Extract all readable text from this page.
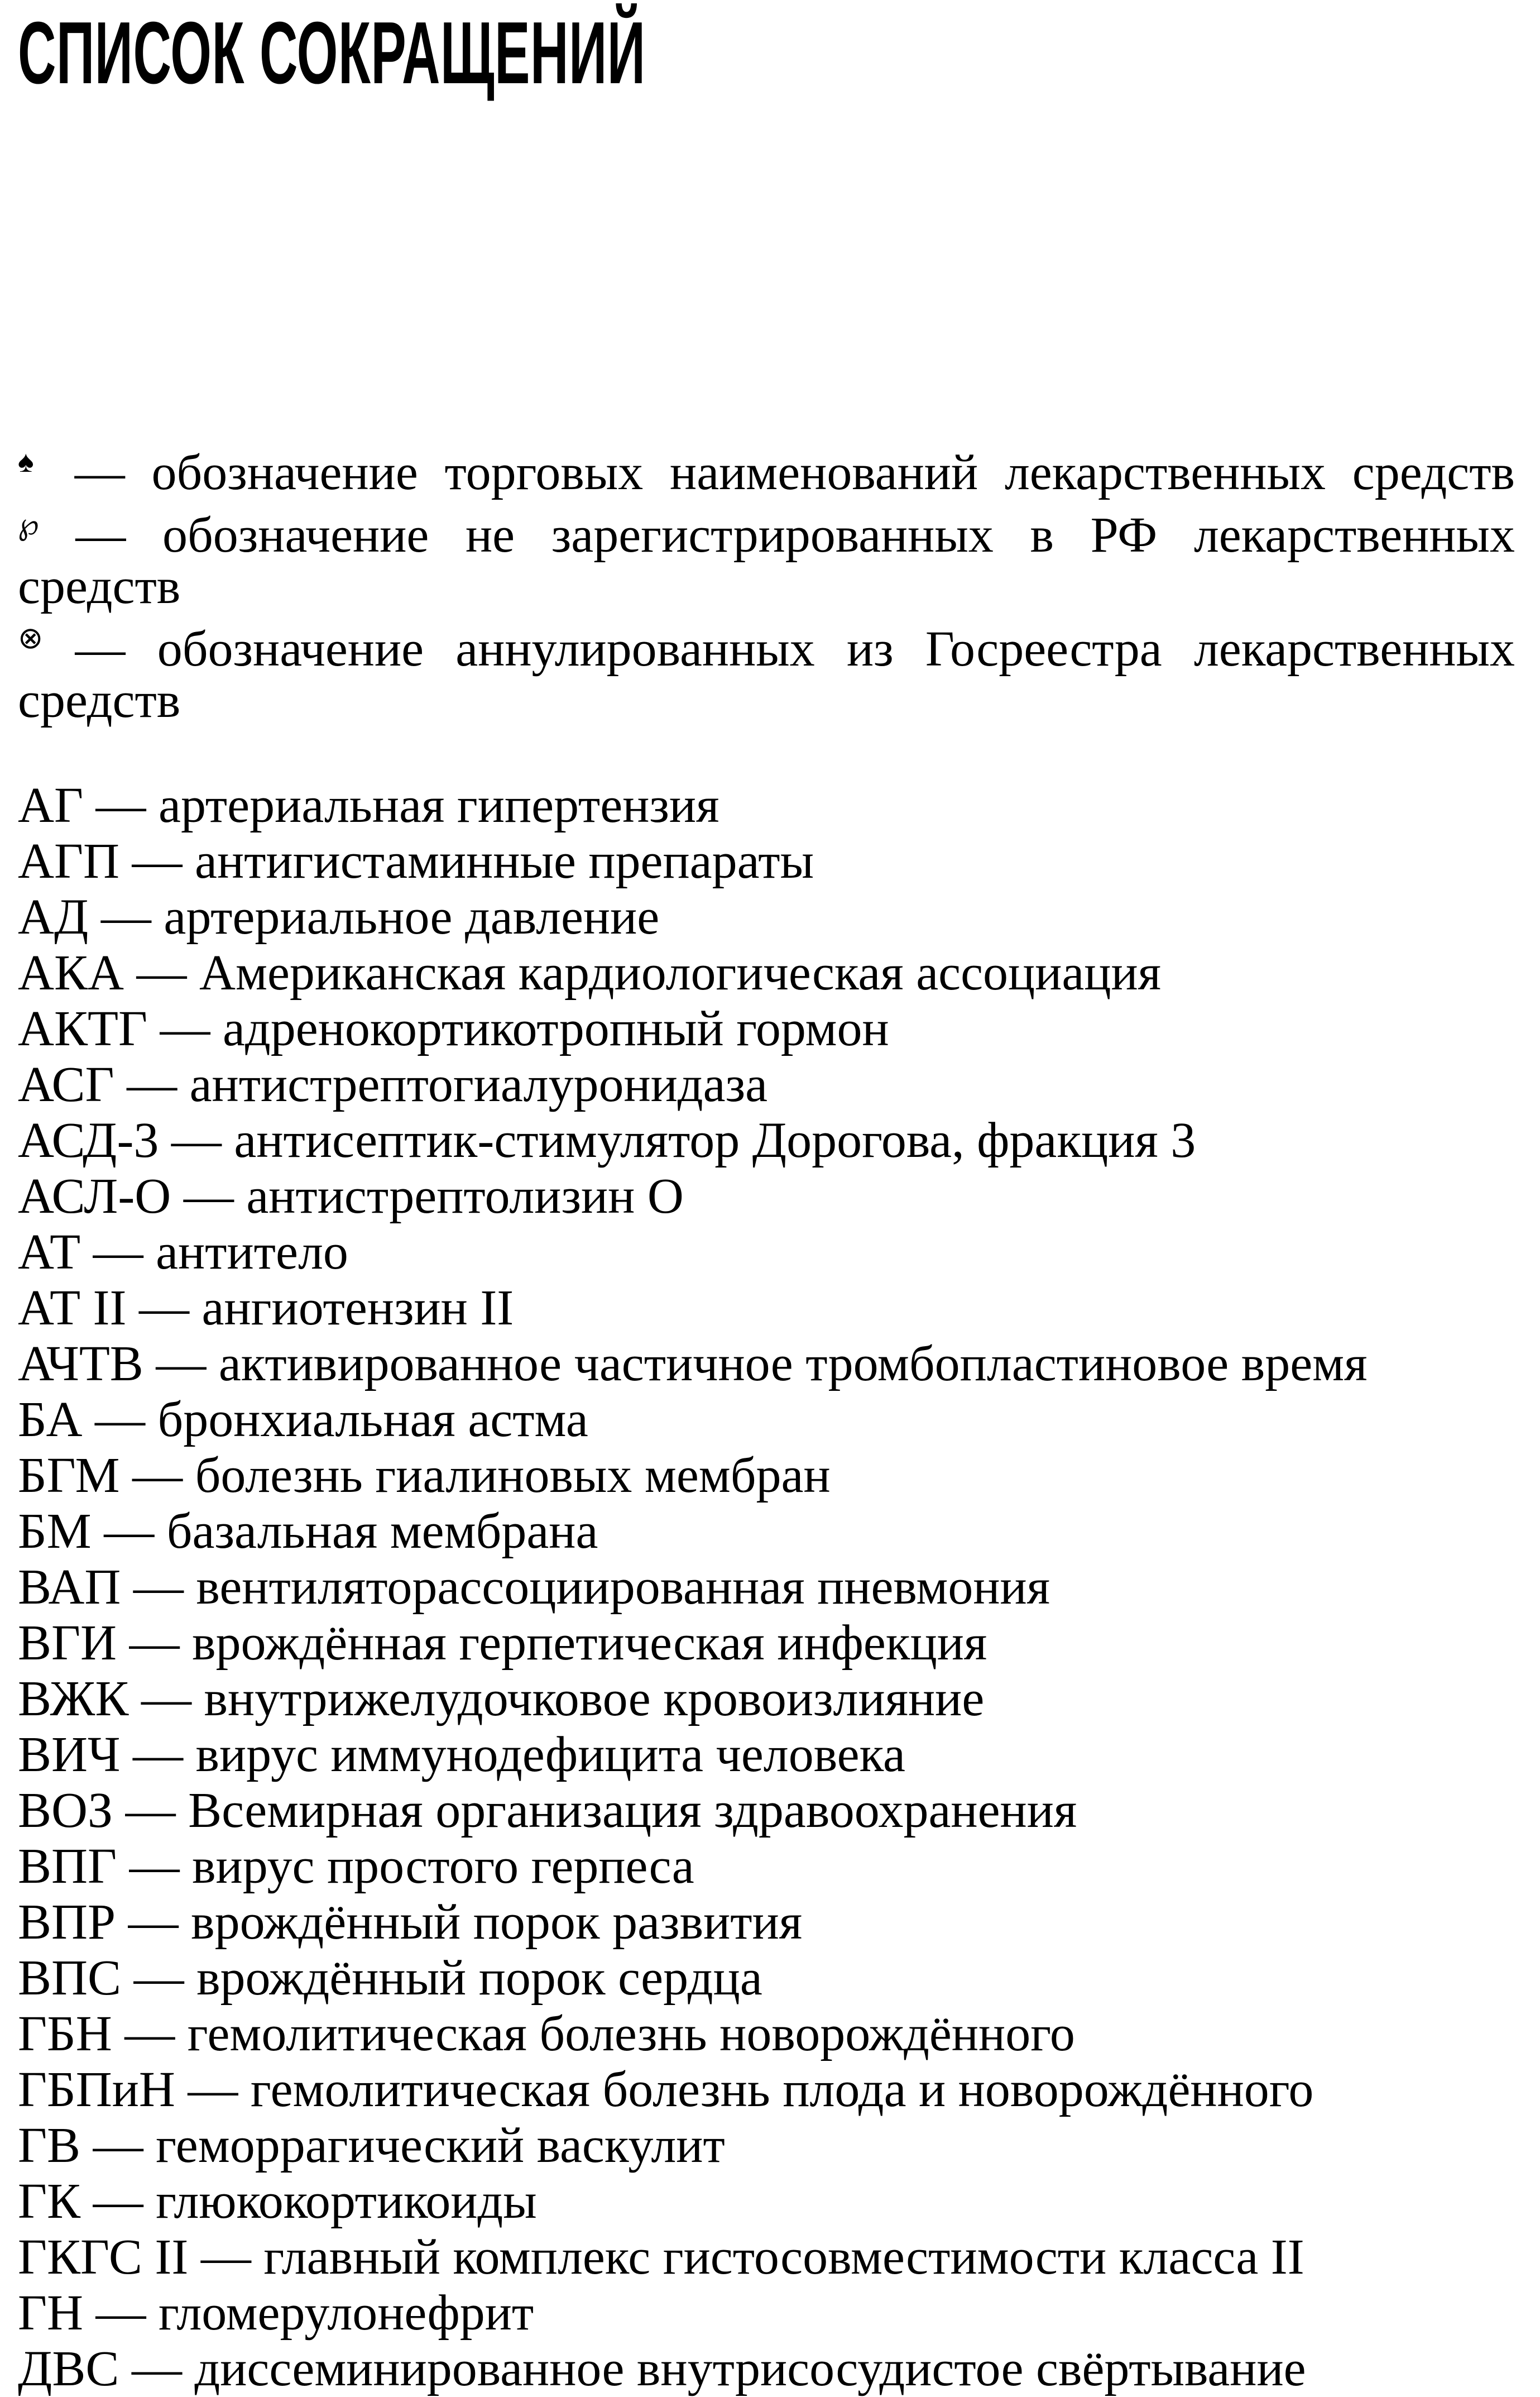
СПИСОК СОКРАЩЕНИЙ

♠ — обозначение торговых наименований лекарственных средств

℘ — обозначение не зарегистрированных в РФ лекарственных
средств

⊗ — обозначение аннулированных из Госреестра лекарственных
средств

АГ — артериальная гипертензия

АГП — антигистаминные препараты

АД — артериальное давление

АКА — Американская кардиологическая ассоциация

АКТГ — адренокортикотропный гормон

АСГ — антистрептогиалуронидаза

АСД-3 — антисептик-стимулятор Дорогова, фракция 3

АСЛ-О — антистрептолизин О

АТ — антитело

АТ II — ангиотензин II

АЧТВ — активированное частичное тромбопластиновое время

БА — бронхиальная астма

БГМ — болезнь гиалиновых мембран

БМ — базальная мембрана

ВАП — вентиляторассоциированная пневмония

ВГИ — врождённая герпетическая инфекция

ВЖК — внутрижелудочковое кровоизлияние

ВИЧ — вирус иммунодефицита человека

ВОЗ — Всемирная организация здравоохранения

ВПГ — вирус простого герпеса

ВПР — врождённый порок развития

ВПС — врождённый порок сердца

ГБН — гемолитическая болезнь новорождённого

ГБПиН — гемолитическая болезнь плода и новорождённого

ГВ — геморрагический васкулит

ГК — глюкокортикоиды

ГКГС II — главный комплекс гистосовместимости класса II

ГН — гломерулонефрит

ДВС — диссеминированное внутрисосудистое свёртывание
